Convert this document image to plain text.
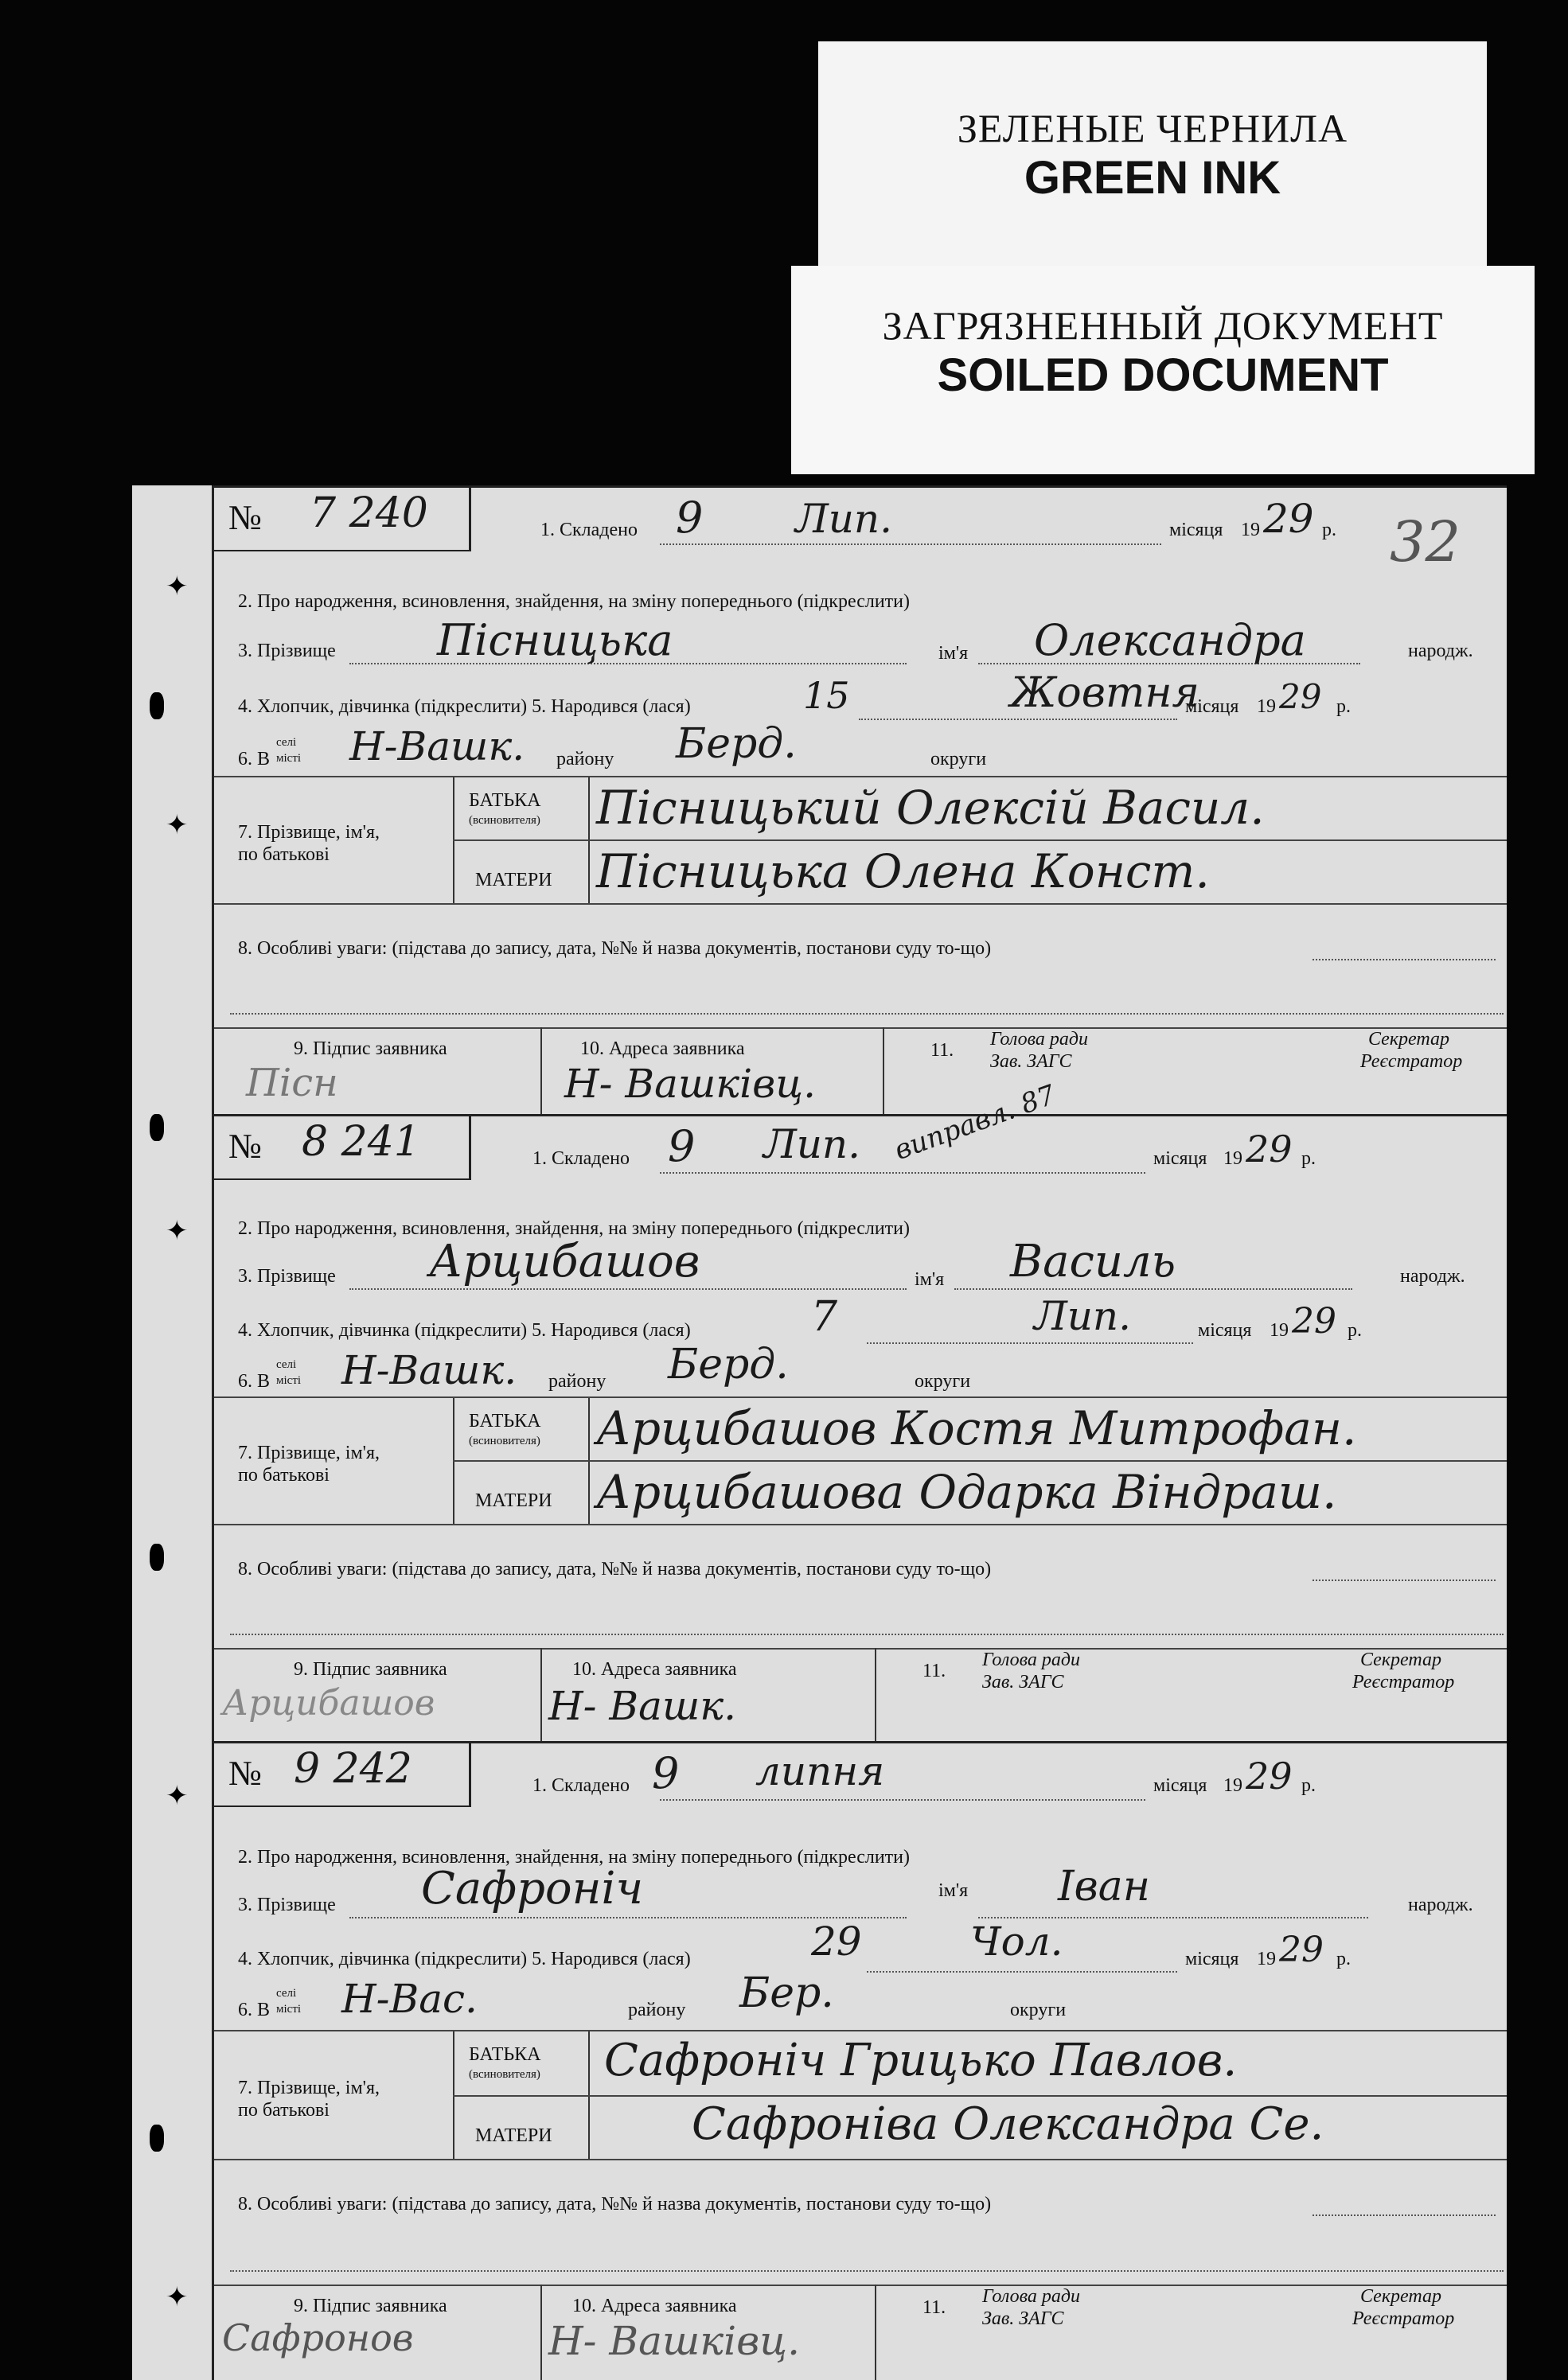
ЗЕЛЕНЫЕ ЧЕРНИЛА
GREEN INK
ЗАГРЯЗНЕННЫЙ ДОКУМЕНТ
SOILED DOCUMENT
32
✦
✦
✦
✦
✦
№ 7 240	1. Складено 9 Лип.	місяця 19 29 р.
2. Про народження, всиновлення, знайдення, на зміну попереднього (підкреслити)
3. Прізвище Пісницька	ім'я Олександра	народж.
4. Хлопчик, дівчинка (підкреслити) 5. Народився (лася)	15	Жовтня
місяця 19 29 р.
6. В
селі
місті Н-Вашк. району Берд.	округи
7. Прізвище, ім'я,
по батькові
БАТЬКА
(всиновителя) Пісницький Олексій Васил.
МАТЕРИ Пісницька Олена Конст.
8. Особливі уваги: (підстава до запису, дата, №№ й назва документів, постанови суду то-що)
9. Підпис заявника
Пісн
10. Адреса заявника
Н- Вашківц.
11.
Голова ради
Зав. ЗАГС
Секретар
Реєстратор
№ 8 241	1. Складено 9 Лип. виправл. 87	місяця 19 29 р.
2. Про народження, всиновлення, знайдення, на зміну попереднього (підкреслити)
3. Прізвище Арцибашов	ім'я Василь	народж.
4. Хлопчик, дівчинка (підкреслити) 5. Народився (лася)	7	Лип.	місяця 19 29 р.
6. В
селі
місті Н-Вашк. району Берд.	округи
7. Прізвище, ім'я,
по батькові
БАТЬКА
(всиновителя) Арцибашов Костя Митрофан.
МАТЕРИ Арцибашова Одарка Віндраш.
8. Особливі уваги: (підстава до запису, дата, №№ й назва документів, постанови суду то-що)
9. Підпис заявника
Арцибашов
10. Адреса заявника
Н- Вашк.
11.
Голова ради
Зав. ЗАГС
Секретар
Реєстратор
№ 9 242	1. Складено 9 липня	місяця 19 29 р.
2. Про народження, всиновлення, знайдення, на зміну попереднього (підкреслити)
3. Прізвище Сафроніч	ім'я Іван	народж.
4. Хлопчик, дівчинка (підкреслити) 5. Народився (лася)	29	Чол.	місяця 19 29 р.
6. В
селі
місті Н-Вас.	району Бер.	округи
7. Прізвище, ім'я,
по батькові
БАТЬКА
(всиновителя) Сафроніч Грицько Павлов.
МАТЕРИ	Сафроніва Олександра Се.
8. Особливі уваги: (підстава до запису, дата, №№ й назва документів, постанови суду то-що)
9. Підпис заявника
Сафронов
10. Адреса заявника
Н- Вашківц.
11.
Голова ради
Зав. ЗАГС
Секретар
Реєстратор
